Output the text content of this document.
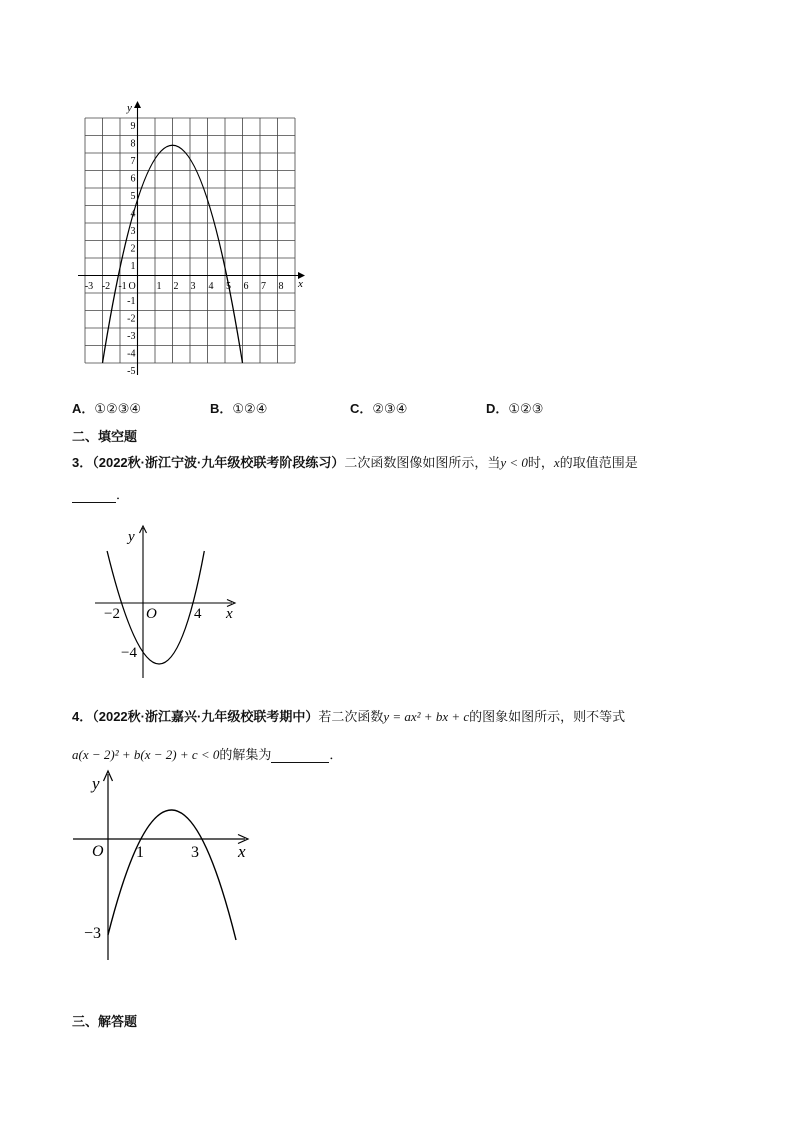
y
x
O
-3 -2 -1	1 2 3 4 5 6 7 8
9
8
7
6
5
4
3
2
1
-1
-2
-3
-4
-5
A．①②③④	B．①②④	C．②③④	D．①②③
二、填空题
3．（2022秋·浙江宁波·九年级校联考阶段练习）二次函数图像如图所示，当y < 0时，x的取值范围是
．
y
x
O
−2	4
−4
4．（2022秋·浙江嘉兴·九年级校联考期中）若二次函数y = ax² + bx + c的图象如图所示，则不等式
a(x − 2)² + b(x − 2) + c < 0的解集为	．
y
x
O 1	3
−3
三、解答题
